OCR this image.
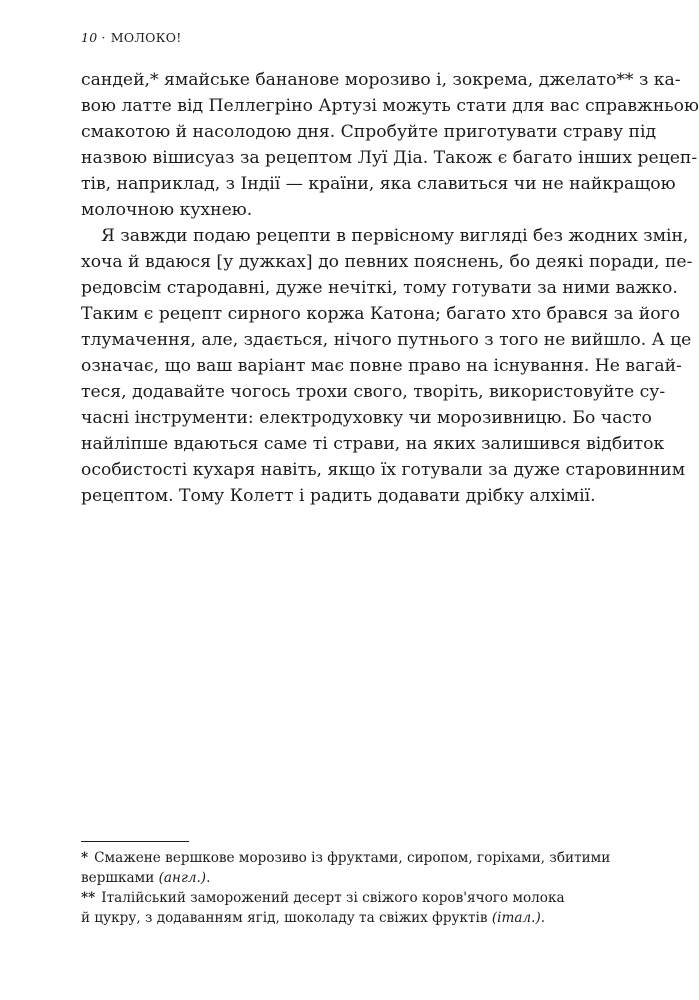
10 · МОЛОКО!
сандей,* ямайське бананове морозиво і, зокрема, джелато** з ка-
вою латте від Пеллегріно Артузі можуть стати для вас справжньою
смакотою й насолодою дня. Спробуйте приготувати страву під
назвою вішисуаз за рецептом Луї Діа. Також є багато інших рецеп-
тів, наприклад, з Індії — країни, яка славиться чи не найкращою
молочною кухнею.
Я завжди подаю рецепти в первісному вигляді без жодних змін,
хоча й вдаюся [у дужках] до певних пояснень, бо деякі поради, пе-
редовсім стародавні, дуже нечіткі, тому готувати за ними важко.
Таким є рецепт сирного коржа Катона; багато хто брався за його
тлумачення, але, здається, нічого путнього з того не вийшло. А це
означає, що ваш варіант має повне право на існування. Не вагай-
теся, додавайте чогось трохи свого, творіть, використовуйте су-
часні інструменти: електродуховку чи морозивницю. Бо часто
найліпше вдаються саме ті страви, на яких залишився відбиток
особистості кухаря навіть, якщо їх готували за дуже старовинним
рецептом. Тому Колетт і радить додавати дрібку алхімії.
* Смажене вершкове морозиво із фруктами, сиропом, горіхами, збитими
вершками (англ.).
** Італійський заморожений десерт зі свіжого коров'ячого молока
й цукру, з додаванням ягід, шоколаду та свіжих фруктів (італ.).
